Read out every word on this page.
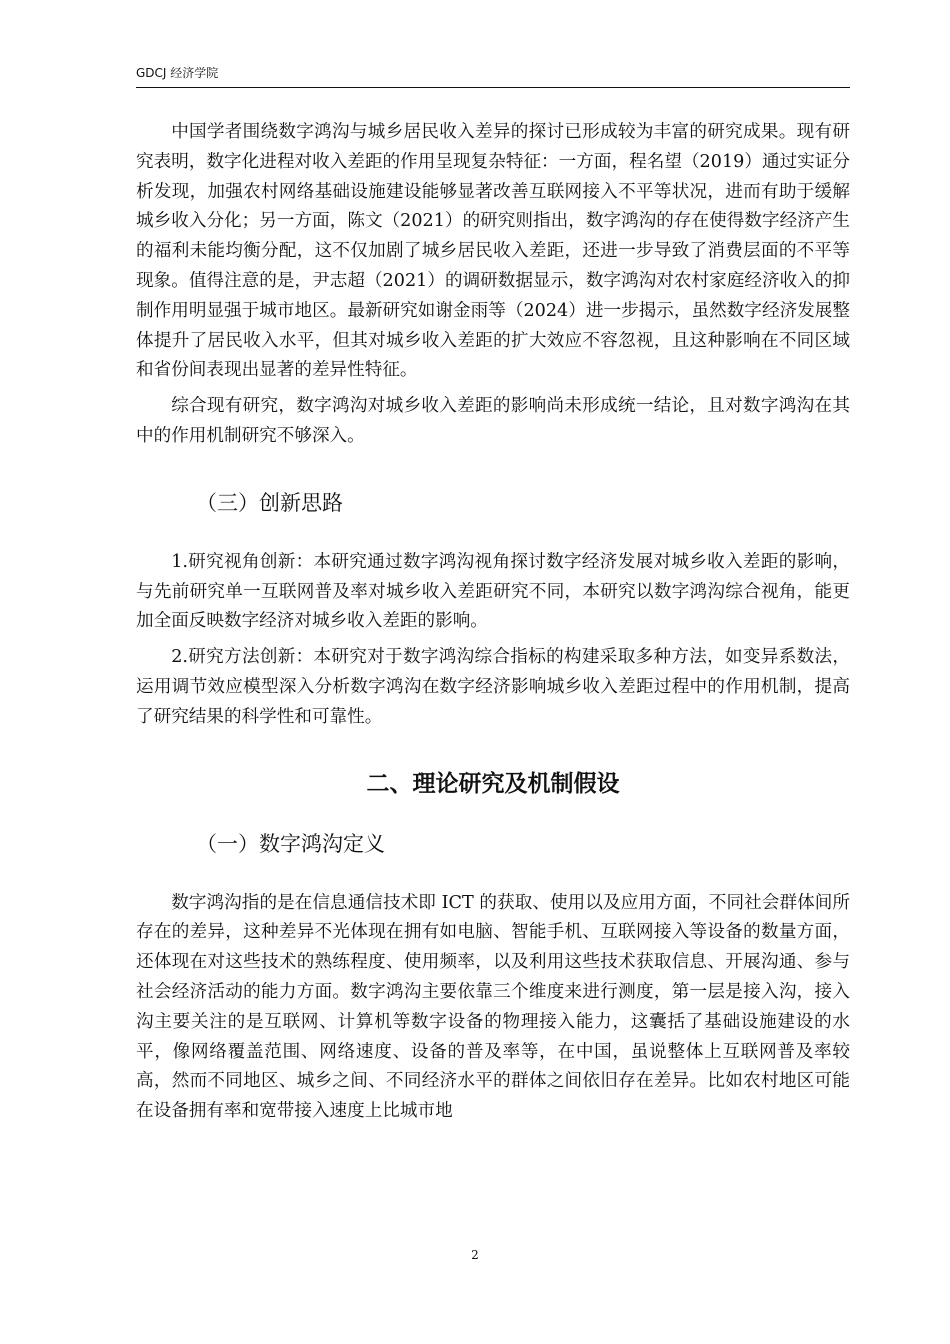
GDCJ 经济学院

中国学者围绕数字鸿沟与城乡居民收入差异的探讨已形成较为丰富的研究成果。现有研究表明，数字化进程对收入差距的作用呈现复杂特征：一方面，程名望（2019）通过实证分析发现，加强农村网络基础设施建设能够显著改善互联网接入不平等状况，进而有助于缓解城乡收入分化；另一方面，陈文（2021）的研究则指出，数字鸿沟的存在使得数字经济产生的福利未能均衡分配，这不仅加剧了城乡居民收入差距，还进一步导致了消费层面的不平等现象。值得注意的是，尹志超（2021）的调研数据显示，数字鸿沟对农村家庭经济收入的抑制作用明显强于城市地区。最新研究如谢金雨等（2024）进一步揭示，虽然数字经济发展整体提升了居民收入水平，但其对城乡收入差距的扩大效应不容忽视，且这种影响在不同区域和省份间表现出显著的差异性特征。

综合现有研究，数字鸿沟对城乡收入差距的影响尚未形成统一结论，且对数字鸿沟在其中的作用机制研究不够深入。

（三）创新思路

1.研究视角创新：本研究通过数字鸿沟视角探讨数字经济发展对城乡收入差距的影响，与先前研究单一互联网普及率对城乡收入差距研究不同，本研究以数字鸿沟综合视角，能更加全面反映数字经济对城乡收入差距的影响。

2.研究方法创新：本研究对于数字鸿沟综合指标的构建采取多种方法，如变异系数法，运用调节效应模型深入分析数字鸿沟在数字经济影响城乡收入差距过程中的作用机制，提高了研究结果的科学性和可靠性。

二、理论研究及机制假设
（一）数字鸿沟定义

数字鸿沟指的是在信息通信技术即 ICT 的获取、使用以及应用方面，不同社会群体间所存在的差异，这种差异不光体现在拥有如电脑、智能手机、互联网接入等设备的数量方面，还体现在对这些技术的熟练程度、使用频率，以及利用这些技术获取信息、开展沟通、参与社会经济活动的能力方面。数字鸿沟主要依靠三个维度来进行测度，第一层是接入沟，接入沟主要关注的是互联网、计算机等数字设备的物理接入能力，这囊括了基础设施建设的水平，像网络覆盖范围、网络速度、设备的普及率等，在中国，虽说整体上互联网普及率较高，然而不同地区、城乡之间、不同经济水平的群体之间依旧存在差异。比如农村地区可能在设备拥有率和宽带接入速度上比城市地

2
